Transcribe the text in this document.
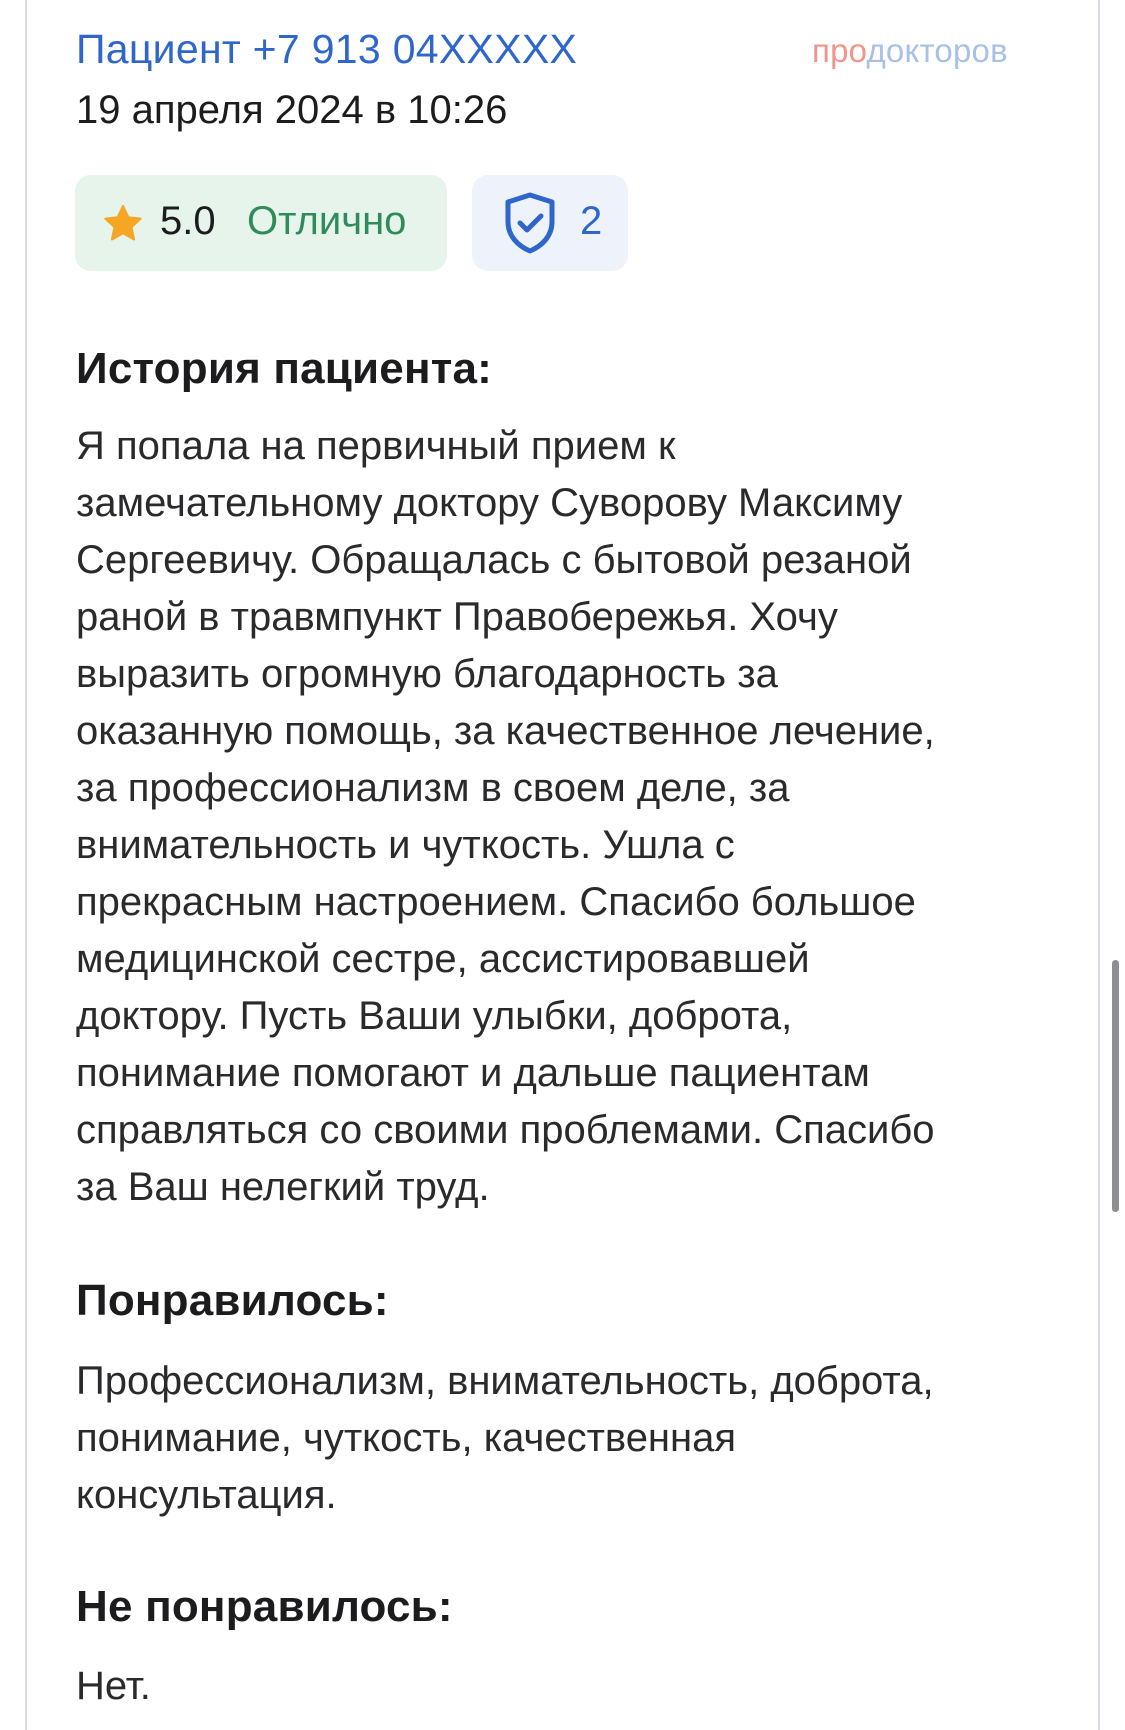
Пациент +7 913 04XXXXX
19 апреля 2024 в 10:26
продокторов
5.0 Отлично	2
История пациента:
Я попала на первичный прием к
замечательному доктору Суворову Максиму
Сергеевичу. Обращалась с бытовой резаной
раной в травмпункт Правобережья. Хочу
выразить огромную благодарность за
оказанную помощь, за качественное лечение,
за профессионализм в своем деле, за
внимательность и чуткость. Ушла с
прекрасным настроением. Спасибо большое
медицинской сестре, ассистировавшей
доктору. Пусть Ваши улыбки, доброта,
понимание помогают и дальше пациентам
справляться со своими проблемами. Спасибо
за Ваш нелегкий труд.
Понравилось:
Профессионализм, внимательность, доброта,
понимание, чуткость, качественная
консультация.
Не понравилось:
Нет.
